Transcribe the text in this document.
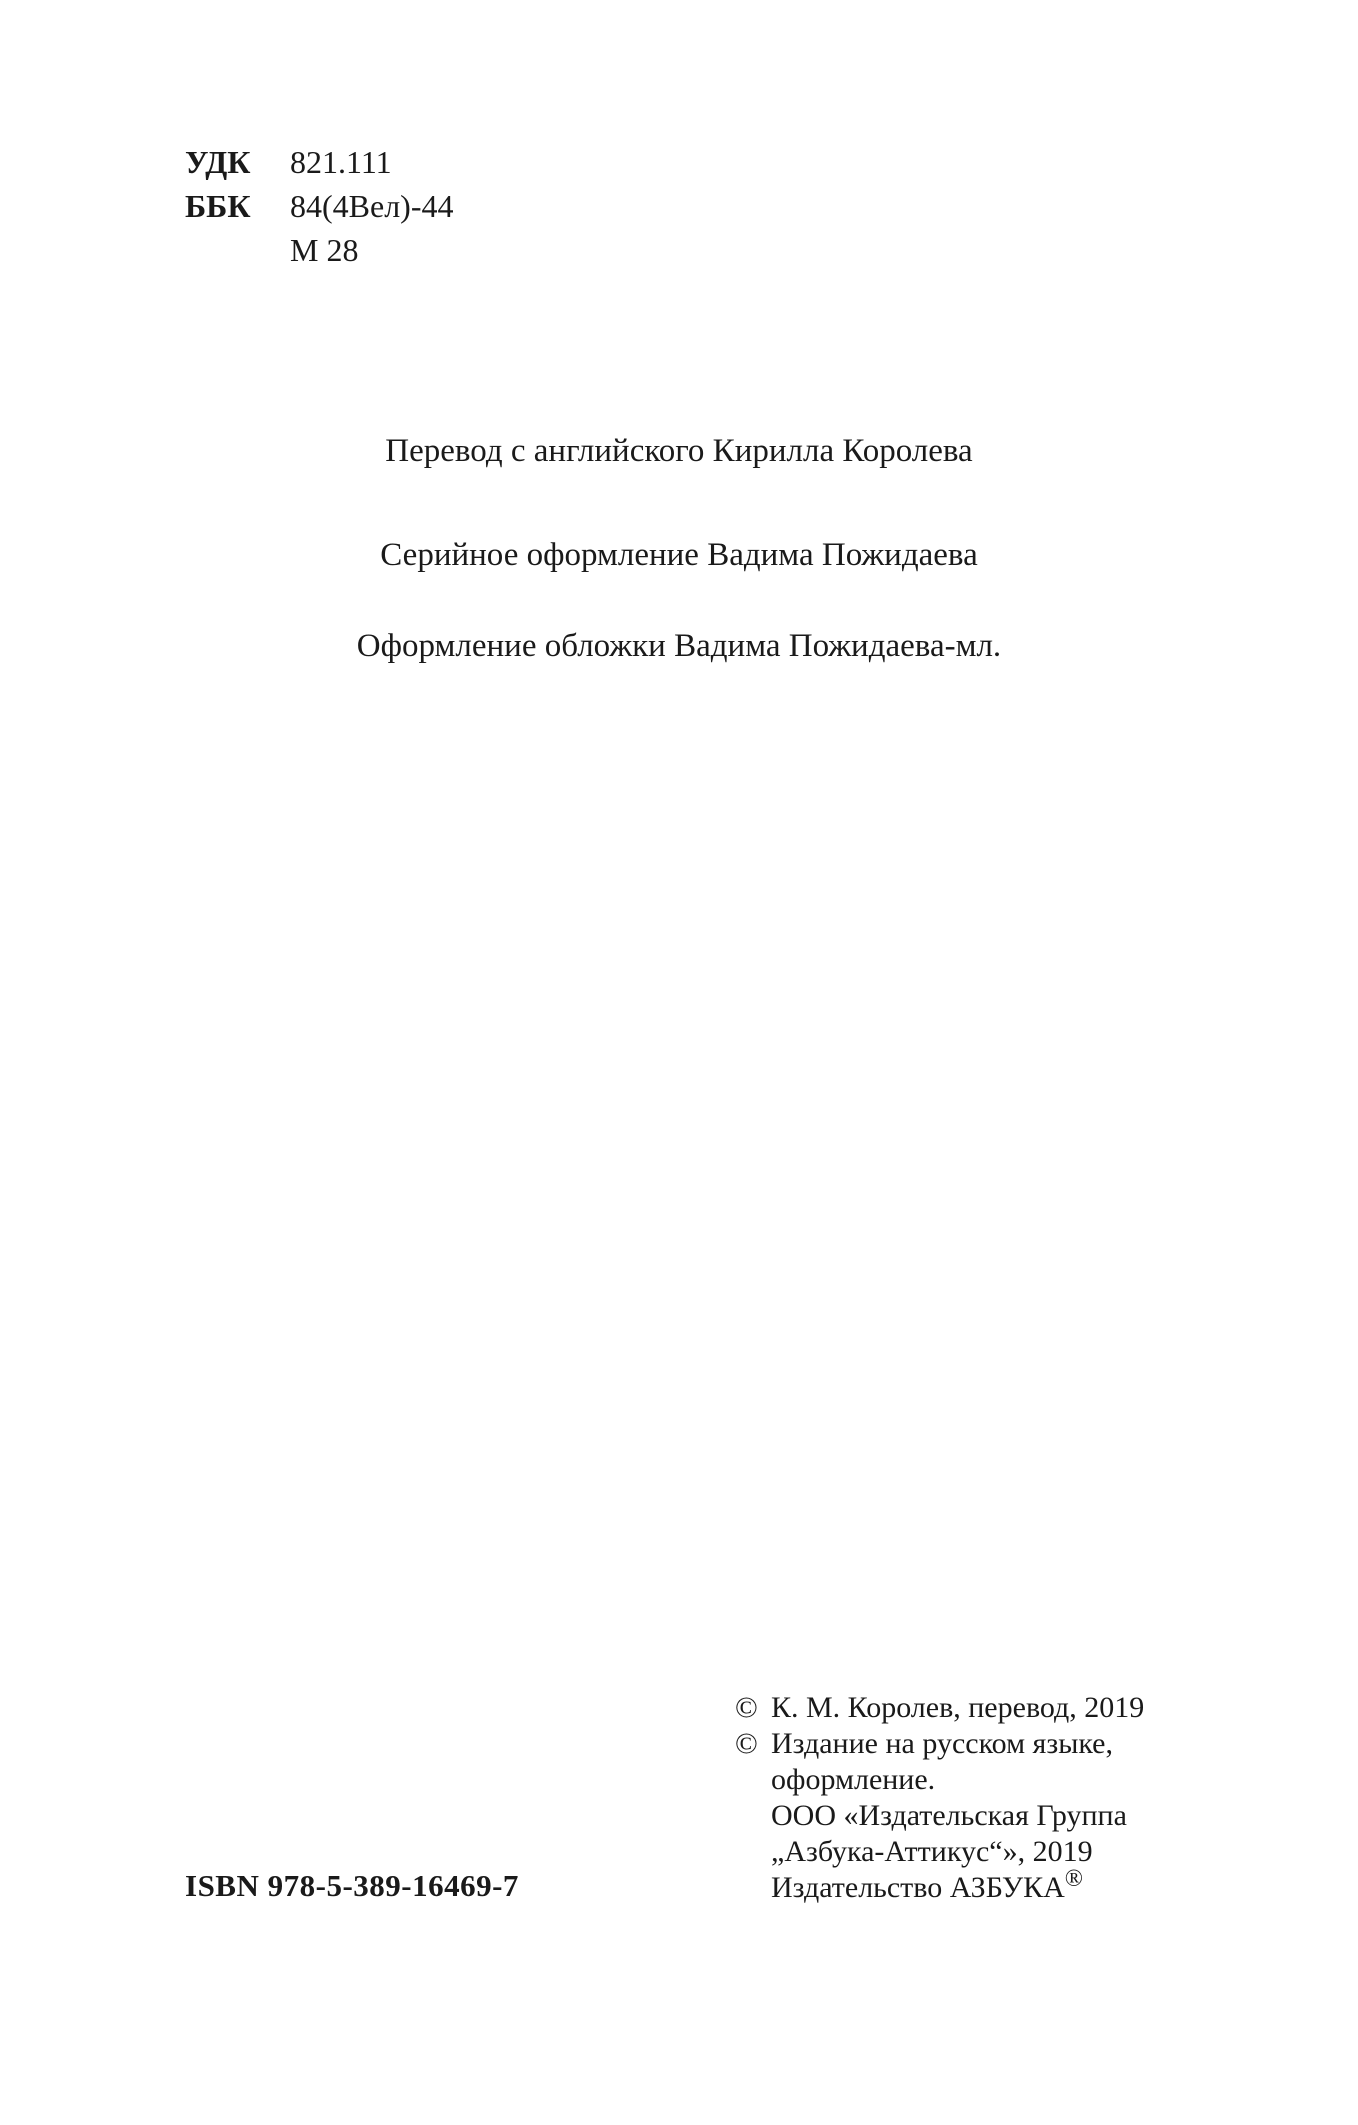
УДК	821.111
ББК	84(4Вел)-44
М 28
Перевод с английского Кирилла Королева
Серийное оформление Вадима Пожидаева
Оформление обложки Вадима Пожидаева-мл.
© К. М. Королев, перевод, 2019
© Издание на русском языке,
оформление.
ООО «Издательская Группа
„Азбука-Аттикус“», 2019
Издательство АЗБУКА®
ISBN 978-5-389-16469-7
